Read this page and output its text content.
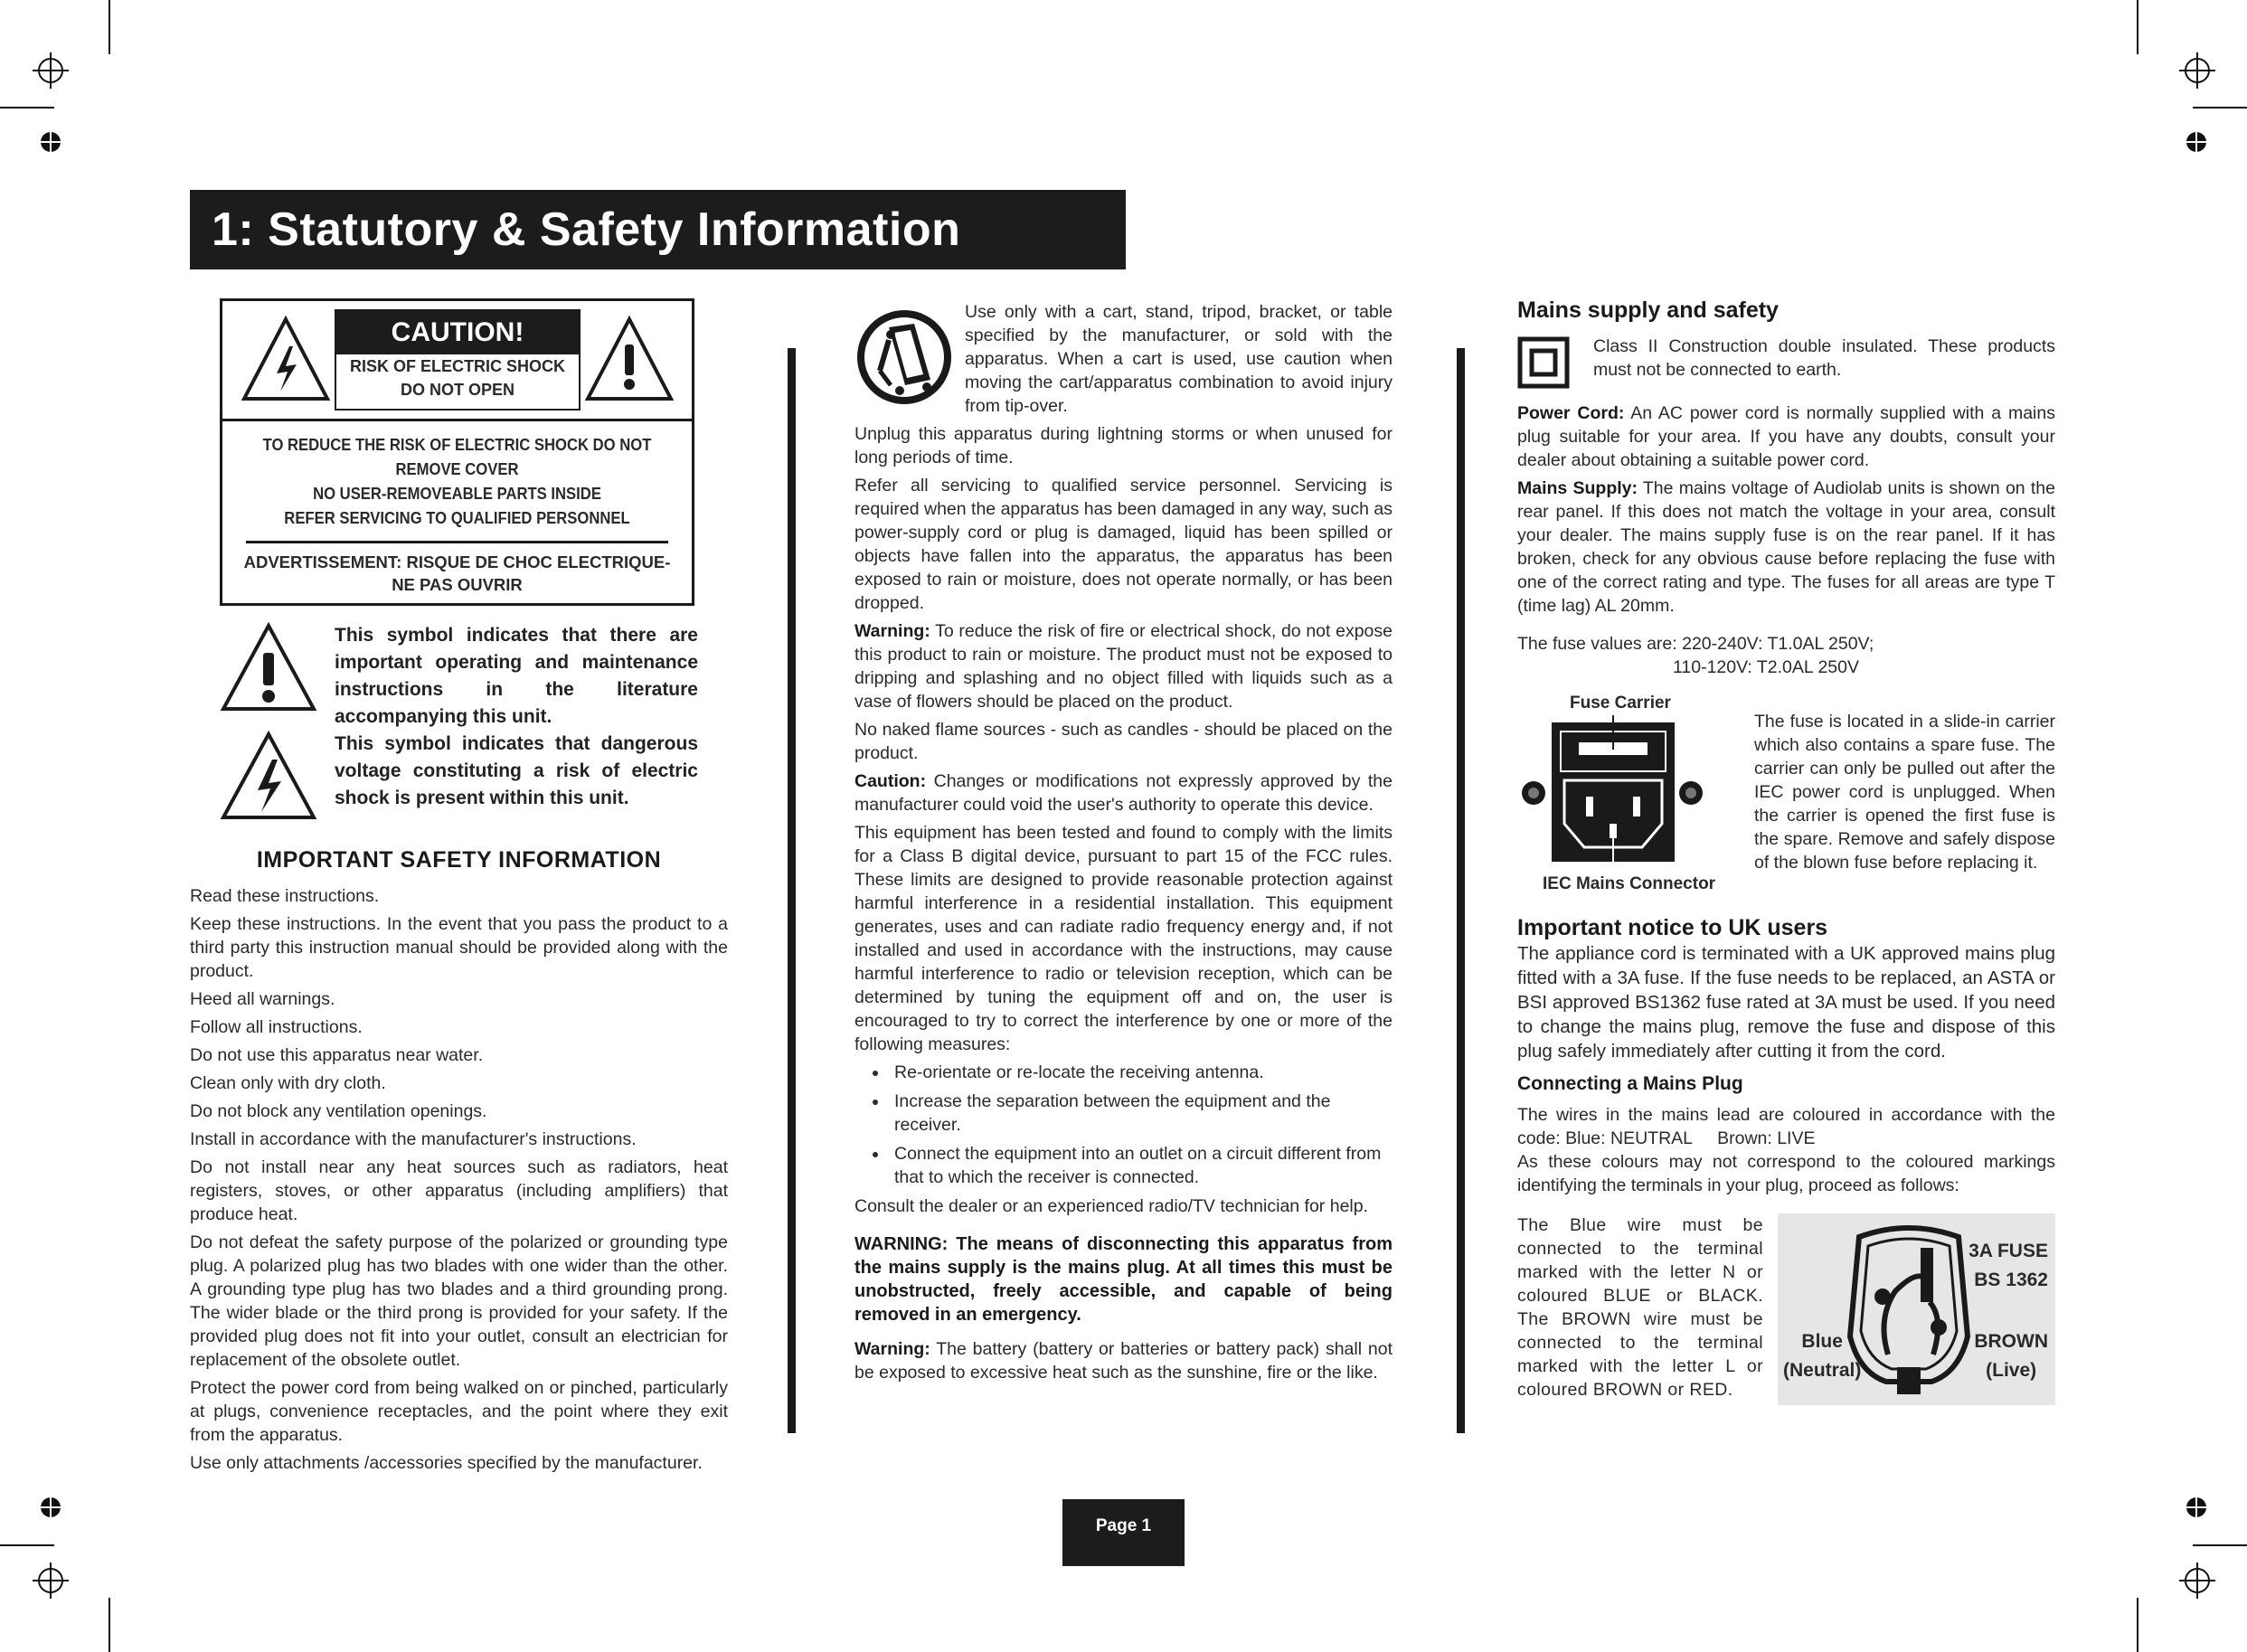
1: Statutory & Safety Information
CAUTION!
RISK OF ELECTRIC SHOCK
DO NOT OPEN
TO REDUCE THE RISK OF ELECTRIC SHOCK DO NOT REMOVE COVER
NO USER-REMOVEABLE PARTS INSIDE
REFER SERVICING TO QUALIFIED PERSONNEL
ADVERTISSEMENT: RISQUE DE CHOC ELECTRIQUE-
NE PAS OUVRIR
This symbol indicates that there are important operating and maintenance instructions in the literature accompanying this unit.
This symbol indicates that dangerous voltage constituting a risk of electric shock is present within this unit.
IMPORTANT SAFETY INFORMATION

Read these instructions.

Keep these instructions. In the event that you pass the product to a third party this instruction manual should be provided along with the product.

Heed all warnings.

Follow all instructions.

Do not use this apparatus near water.

Clean only with dry cloth.

Do not block any ventilation openings.

Install in accordance with the manufacturer's instructions.

Do not install near any heat sources such as radiators, heat registers, stoves, or other apparatus (including amplifiers) that produce heat.

Do not defeat the safety purpose of the polarized or grounding type plug. A polarized plug has two blades with one wider than the other. A grounding type plug has two blades and a third grounding prong. The wider blade or the third prong is provided for your safety. If the provided plug does not fit into your outlet, consult an electrician for replacement of the obsolete outlet.

Protect the power cord from being walked on or pinched, particularly at plugs, convenience receptacles, and the point where they exit from the apparatus.

Use only attachments /accessories specified by the manufacturer.

Use only with a cart, stand, tripod, bracket, or table specified by the manufacturer, or sold with the apparatus. When a cart is used, use caution when moving the cart/apparatus combination to avoid injury from tip-over.

Unplug this apparatus during lightning storms or when unused for long periods of time.

Refer all servicing to qualified service personnel. Servicing is required when the apparatus has been damaged in any way, such as power-supply cord or plug is damaged, liquid has been spilled or objects have fallen into the apparatus, the apparatus has been exposed to rain or moisture, does not operate normally, or has been dropped.

Warning: To reduce the risk of fire or electrical shock, do not expose this product to rain or moisture. The product must not be exposed to dripping and splashing and no object filled with liquids such as a vase of flowers should be placed on the product.

No naked flame sources - such as candles - should be placed on the product.

Caution: Changes or modifications not expressly approved by the manufacturer could void the user's authority to operate this device.

This equipment has been tested and found to comply with the limits for a Class B digital device, pursuant to part 15 of the FCC rules. These limits are designed to provide reasonable protection against harmful interference in a residential installation. This equipment generates, uses and can radiate radio frequency energy and, if not installed and used in accordance with the instructions, may cause harmful interference to radio or television reception, which can be determined by tuning the equipment off and on, the user is encouraged to try to correct the interference by one or more of the following measures:

• Re-orientate or re-locate the receiving antenna.
• Increase the separation between the equipment and the receiver.
• Connect the equipment into an outlet on a circuit different from that to which the receiver is connected.

Consult the dealer or an experienced radio/TV technician for help.

WARNING: The means of disconnecting this apparatus from the mains supply is the mains plug. At all times this must be unobstructed, freely accessible, and capable of being removed in an emergency.

Warning: The battery (battery or batteries or battery pack) shall not be exposed to excessive heat such as the sunshine, fire or the like.

Mains supply and safety

Class II Construction double insulated. These products must not be connected to earth.

Power Cord: An AC power cord is normally supplied with a mains plug suitable for your area. If you have any doubts, consult your dealer about obtaining a suitable power cord.

Mains Supply: The mains voltage of Audiolab units is shown on the rear panel. If this does not match the voltage in your area, consult your dealer. The mains supply fuse is on the rear panel. If it has broken, check for any obvious cause before replacing the fuse with one of the correct rating and type. The fuses for all areas are type T (time lag) AL 20mm.

The fuse values are: 220-240V: T1.0AL 250V;
110-120V: T2.0AL 250V
Fuse Carrier
IEC Mains Connector

The fuse is located in a slide-in carrier which also contains a spare fuse. The carrier can only be pulled out after the IEC power cord is unplugged. When the carrier is opened the first fuse is the spare. Remove and safely dispose of the blown fuse before replacing it.

Important notice to UK users

The appliance cord is terminated with a UK approved mains plug fitted with a 3A fuse. If the fuse needs to be replaced, an ASTA or BSI approved BS1362 fuse rated at 3A must be used. If you need to change the mains plug, remove the fuse and dispose of this plug safely immediately after cutting it from the cord.

Connecting a Mains Plug

The wires in the mains lead are coloured in accordance with the code: Blue: NEUTRAL Brown: LIVE

As these colours may not correspond to the coloured markings identifying the terminals in your plug, proceed as follows:

The Blue wire must be connected to the terminal marked with the letter N or coloured BLUE or BLACK. The BROWN wire must be connected to the terminal marked with the letter L or coloured BROWN or RED.

3A FUSE
BS 1362
Blue
(Neutral)
BROWN
(Live)
Page 1
